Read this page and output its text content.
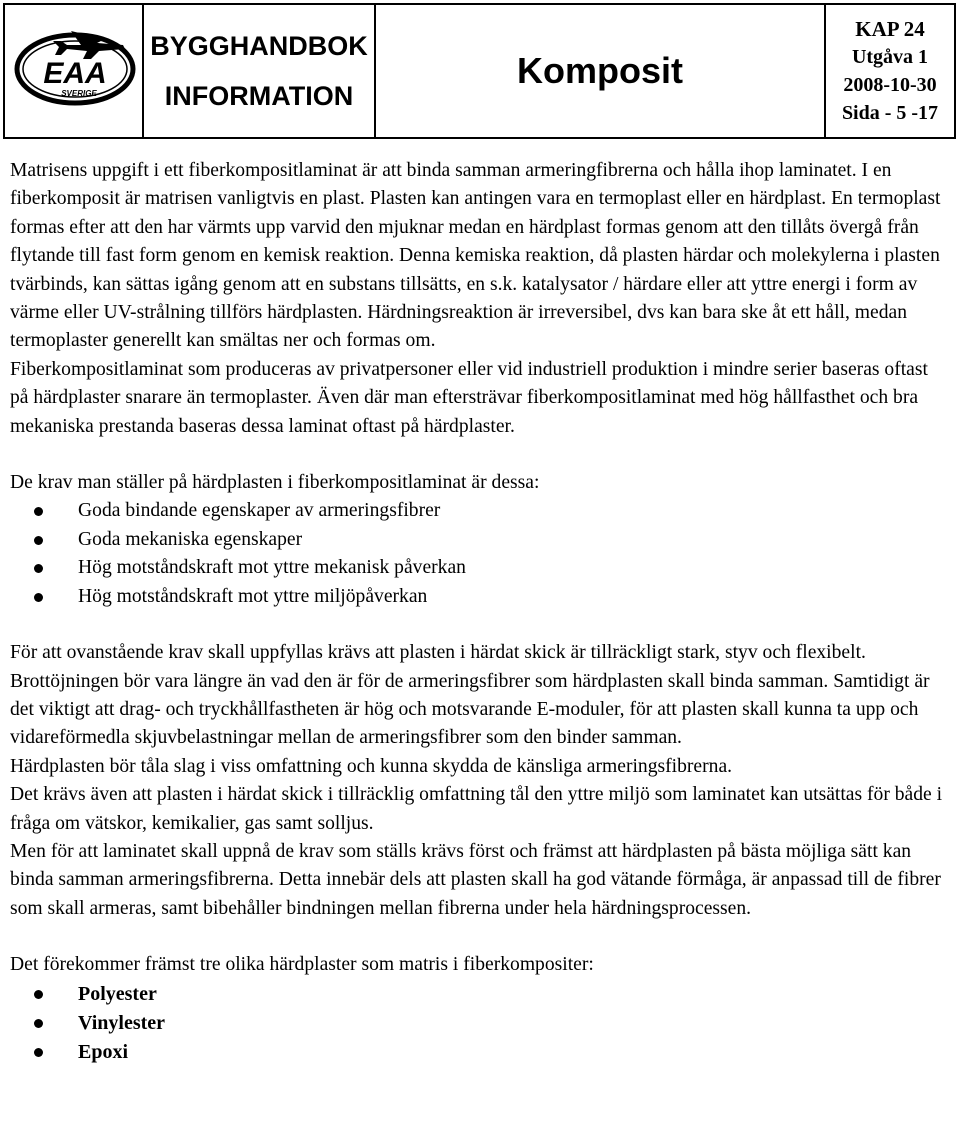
EAA
SVERIGE
BYGGHANDBOK
INFORMATION
Komposit
KAP 24
Utgåva 1
2008-10-30
Sida - 5 -17

Matrisens uppgift i ett fiberkompositlaminat är att binda samman armeringfibrerna och hålla ihop laminatet. I en fiberkomposit är matrisen vanligtvis en plast. Plasten kan antingen vara en termoplast eller en härdplast. En termoplast formas efter att den har värmts upp varvid den mjuknar medan en härdplast formas genom att den tillåts övergå från flytande till fast form genom en kemisk reaktion. Denna kemiska reaktion, då plasten härdar och molekylerna i plasten tvärbinds, kan sättas igång genom att en substans tillsätts, en s.k. katalysator / härdare eller att yttre energi i form av värme eller UV-strålning tillförs härdplasten. Härdningsreaktion är irreversibel, dvs kan bara ske åt ett håll, medan termoplaster generellt kan smältas ner och formas om.

Fiberkompositlaminat som produceras av privatpersoner eller vid industriell produktion i mindre serier baseras oftast på härdplaster snarare än termoplaster. Även där man eftersträvar fiberkompositlaminat med hög hållfasthet och bra mekaniska prestanda baseras dessa laminat oftast på härdplaster.

De krav man ställer på härdplasten i fiberkompositlaminat är dessa:

Goda bindande egenskaper av armeringsfibrer
Goda mekaniska egenskaper
Hög motståndskraft mot yttre mekanisk påverkan
Hög motståndskraft mot yttre miljöpåverkan

För att ovanstående krav skall uppfyllas krävs att plasten i härdat skick är tillräckligt stark, styv och flexibelt. Brottöjningen bör vara längre än vad den är för de armeringsfibrer som härdplasten skall binda samman. Samtidigt är det viktigt att drag- och tryckhållfastheten är hög och motsvarande E-moduler, för att plasten skall kunna ta upp och vidareförmedla skjuvbelastningar mellan de armeringsfibrer som den binder samman.

Härdplasten bör tåla slag i viss omfattning och kunna skydda de känsliga armeringsfibrerna.

Det krävs även att plasten i härdat skick i tillräcklig omfattning tål den yttre miljö som laminatet kan utsättas för både i fråga om vätskor, kemikalier, gas samt solljus.

Men för att laminatet skall uppnå de krav som ställs krävs först och främst att härdplasten på bästa möjliga sätt kan binda samman armeringsfibrerna. Detta innebär dels att plasten skall ha god vätande förmåga, är anpassad till de fibrer som skall armeras, samt bibehåller bindningen mellan fibrerna under hela härdningsprocessen.

Det förekommer främst tre olika härdplaster som matris i fiberkompositer:

Polyester
Vinylester
Epoxi
